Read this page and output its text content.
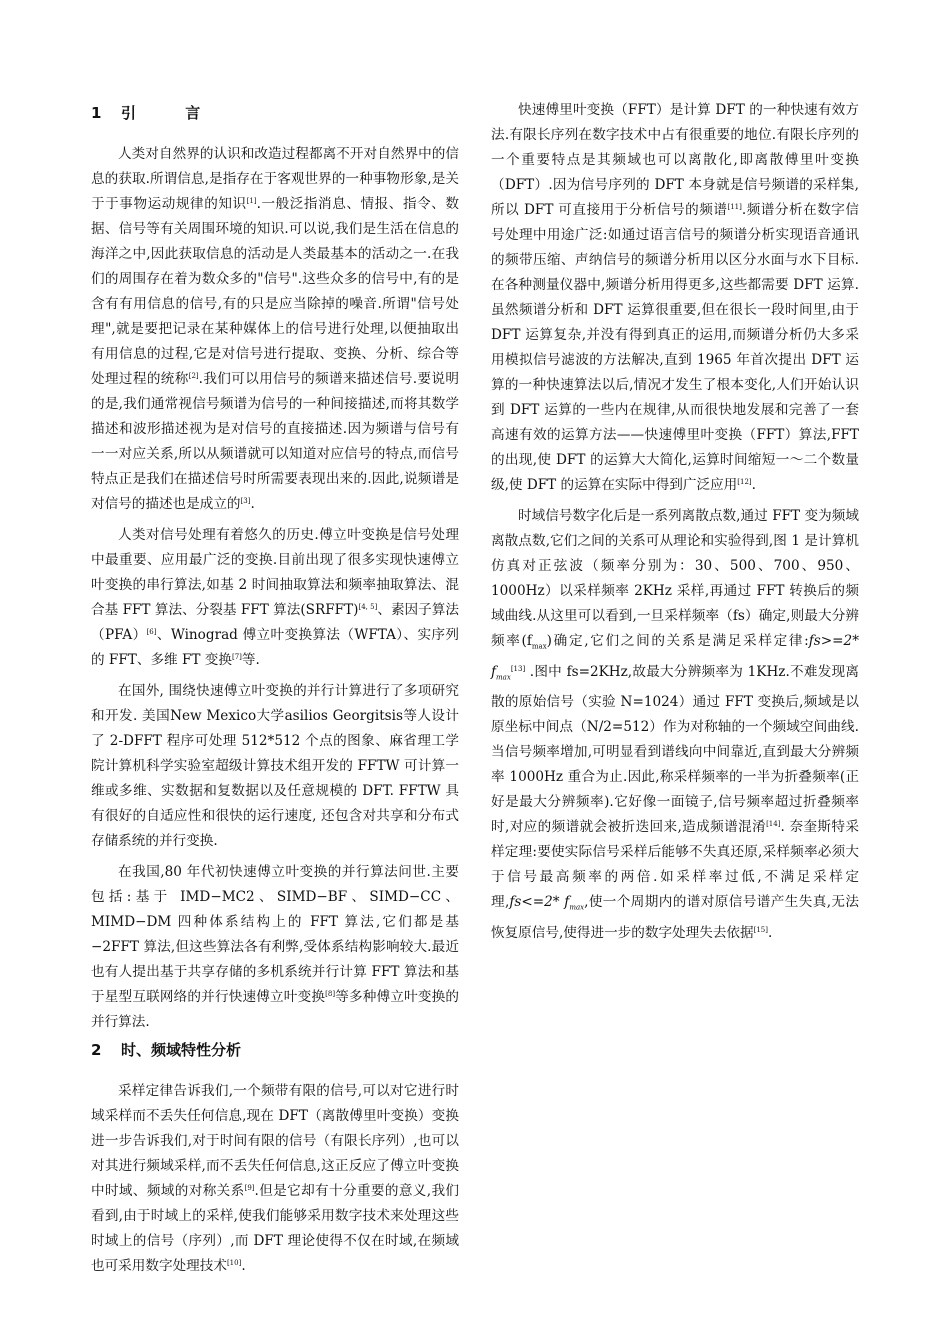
1 引 言

人类对自然界的认识和改造过程都离不开对自然界中的信息的获取.所谓信息,是指存在于客观世界的一种事物形象,是关于于事物运动规律的知识[1].一般泛指消息、情报、指令、数据、信号等有关周围环境的知识.可以说,我们是生活在信息的海洋之中,因此获取信息的活动是人类最基本的活动之一.在我们的周围存在着为数众多的"信号".这些众多的信号中,有的是含有有用信息的信号,有的只是应当除掉的噪音.所谓"信号处理",就是要把记录在某种媒体上的信号进行处理,以便抽取出有用信息的过程,它是对信号进行提取、变换、分析、综合等处理过程的统称[2].我们可以用信号的频谱来描述信号.要说明的是,我们通常视信号频谱为信号的一种间接描述,而将其数学描述和波形描述视为是对信号的直接描述.因为频谱与信号有一一对应关系,所以从频谱就可以知道对应信号的特点,而信号特点正是我们在描述信号时所需要表现出来的.因此,说频谱是对信号的描述也是成立的[3].

人类对信号处理有着悠久的历史.傅立叶变换是信号处理中最重要、应用最广泛的变换.目前出现了很多实现快速傅立叶变换的串行算法,如基 2 时间抽取算法和频率抽取算法、混合基 FFT 算法、分裂基 FFT 算法(SRFFT)[4, 5]、素因子算法（PFA）[6]、Winograd 傅立叶变换算法（WFTA）、实序列的 FFT、多维 FT 变换[7]等.

在国外, 围绕快速傅立叶变换的并行计算进行了多项研究和开发. 美国New Mexico大学asilios Georgitsis等人设计了 2-DFFT 程序可处理 512*512 个点的图象、麻省理工学院计算机科学实验室超级计算技术组开发的 FFTW 可计算一维或多维、实数据和复数据以及任意规模的 DFT. FFTW 具有很好的自适应性和很快的运行速度, 还包含对共享和分布式存储系统的并行变换.

在我国,80 年代初快速傅立叶变换的并行算法问世.主要包括:基于 IMD−MC2、SIMD−BF、SIMD−CC、MIMD−DM 四种体系结构上的 FFT 算法,它们都是基−2FFT 算法,但这些算法各有利弊,受体系结构影响较大.最近也有人提出基于共享存储的多机系统并行计算 FFT 算法和基于星型互联网络的并行快速傅立叶变换[8]等多种傅立叶变换的并行算法.

2 时、频域特性分析

采样定律告诉我们,一个频带有限的信号,可以对它进行时域采样而不丢失任何信息,现在 DFT（离散傅里叶变换）变换进一步告诉我们,对于时间有限的信号（有限长序列）,也可以对其进行频域采样,而不丢失任何信息,这正反应了傅立叶变换中时域、频域的对称关系[9].但是它却有十分重要的意义,我们看到,由于时域上的采样,使我们能够采用数字技术来处理这些时域上的信号（序列）,而 DFT 理论使得不仅在时域,在频域也可采用数字处理技术[10].

快速傅里叶变换（FFT）是计算 DFT 的一种快速有效方法.有限长序列在数字技术中占有很重要的地位.有限长序列的一个重要特点是其频域也可以离散化,即离散傅里叶变换（DFT）.因为信号序列的 DFT 本身就是信号频谱的采样集,所以 DFT 可直接用于分析信号的频谱[11].频谱分析在数字信号处理中用途广泛:如通过语言信号的频谱分析实现语音通讯的频带压缩、声纳信号的频谱分析用以区分水面与水下目标.在各种测量仪器中,频谱分析用得更多,这些都需要 DFT 运算.虽然频谱分析和 DFT 运算很重要,但在很长一段时间里,由于 DFT 运算复杂,并没有得到真正的运用,而频谱分析仍大多采用模拟信号滤波的方法解决,直到 1965 年首次提出 DFT 运算的一种快速算法以后,情况才发生了根本变化,人们开始认识到 DFT 运算的一些内在规律,从而很快地发展和完善了一套高速有效的运算方法——快速傅里叶变换（FFT）算法,FFT 的出现,使 DFT 的运算大大简化,运算时间缩短一～二个数量级,使 DFT 的运算在实际中得到广泛应用[12].

时域信号数字化后是一系列离散点数,通过 FFT 变为频域离散点数,它们之间的关系可从理论和实验得到,图 1 是计算机仿真对正弦波（频率分别为：30、500、700、950、1000Hz）以采样频率 2KHz 采样,再通过 FFT 转换后的频域曲线.从这里可以看到,一旦采样频率（fs）确定,则最大分辨频率$(f_{max})$确定,它们之间的关系是满足采样定律:fs>=2* $f_{max}[13]$ .图中 fs=2KHz,故最大分辨频率为 1KHz.不难发现离散的原始信号（实验 N=1024）通过 FFT 变换后,频域是以原坐标中间点（N/2=512）作为对称轴的一个频域空间曲线.当信号频率增加,可明显看到谱线向中间靠近,直到最大分辨频率 1000Hz 重合为止.因此,称采样频率的一半为折叠频率(正好是最大分辨频率).它好像一面镜子,信号频率超过折叠频率时,对应的频谱就会被折迭回来,造成频谱混淆[14]. 奈奎斯特采样定理:要使实际信号采样后能够不失真还原,采样频率必须大于信号最高频率的两倍.如采样率过低,不满足采样定理,fs<=2* $f_{max}$,使一个周期内的谱对原信号谱产生失真,无法恢复原信号,使得进一步的数字处理失去依据[15].
